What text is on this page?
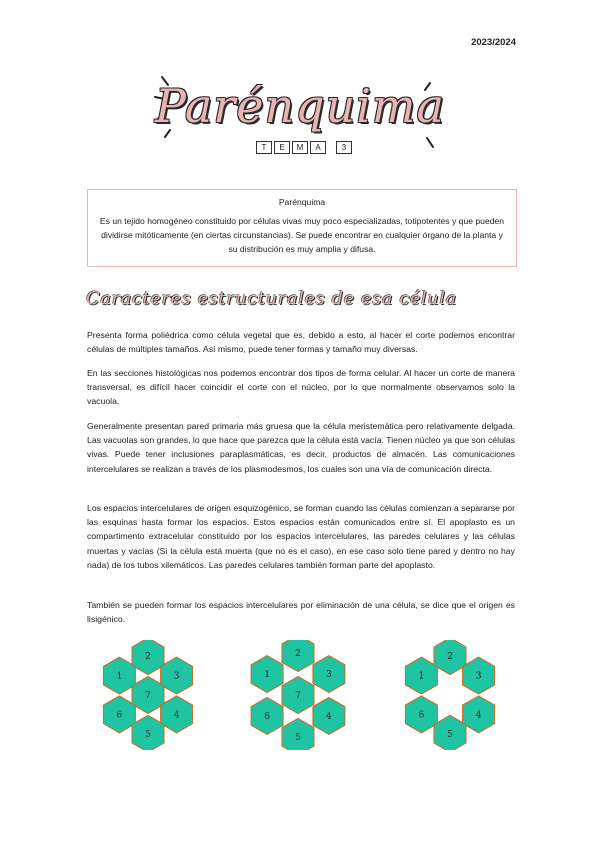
2023/2024
Parénquima
T	E	M	A	3
Parénquima
Es un tejido homogéneo constituido por células vivas muy poco especializadas, totipotentes y que pueden dividirse mitóticamente (en ciertas circunstancias). Se puede encontrar en cualquier órgano de la planta y su distribución es muy amplia y difusa.
Caracteres estructurales de esa célula
Presenta forma poliédrica como célula vegetal que es, debido a esto, al hacer el corte podemos encontrar células de múltiples tamaños. Así mismo, puede tener formas y tamaño muy diversas.
En las secciones histológicas nos podemos encontrar dos tipos de forma celular. Al hacer un corte de manera transversal, es difícil hacer coincidir el corte con el núcleo, por lo que normalmente observamos solo la vacuola.
Generalmente presentan pared primaria más gruesa que la célula meristemática pero relativamente delgada. Las vacuolas son grandes, lo que hace que parezca que la célula está vacía. Tienen núcleo ya que son células vivas. Puede tener inclusiones paraplasmáticas, es decir, productos de almacén. Las comunicaciones intercelulares se realizan a través de los plasmodesmos, los cuales son una vía de comunicación directa.
Los espacios intercelulares de origen esquizogénico, se forman cuando las células comienzan a separarse por las esquinas hasta formar los espacios. Estos espacios están comunicados entre sí. El apoplasto es un compartimento extracelular constituido por los espacios intercelulares, las paredes celulares y las células muertas y vacías (Si la célula está muerta (que no es el caso), en ese caso solo tiene pared y dentro no hay nada) de los tubos xilemáticos. Las paredes celulares también forman parte del apoplasto.
También se pueden formar los espacios intercelulares por eliminación de una célula, se dice que el origen es lisigénico.
2
1	3
7
6	4
5
2
1	3
7
6	4
5
2
1	3
6	4
5
